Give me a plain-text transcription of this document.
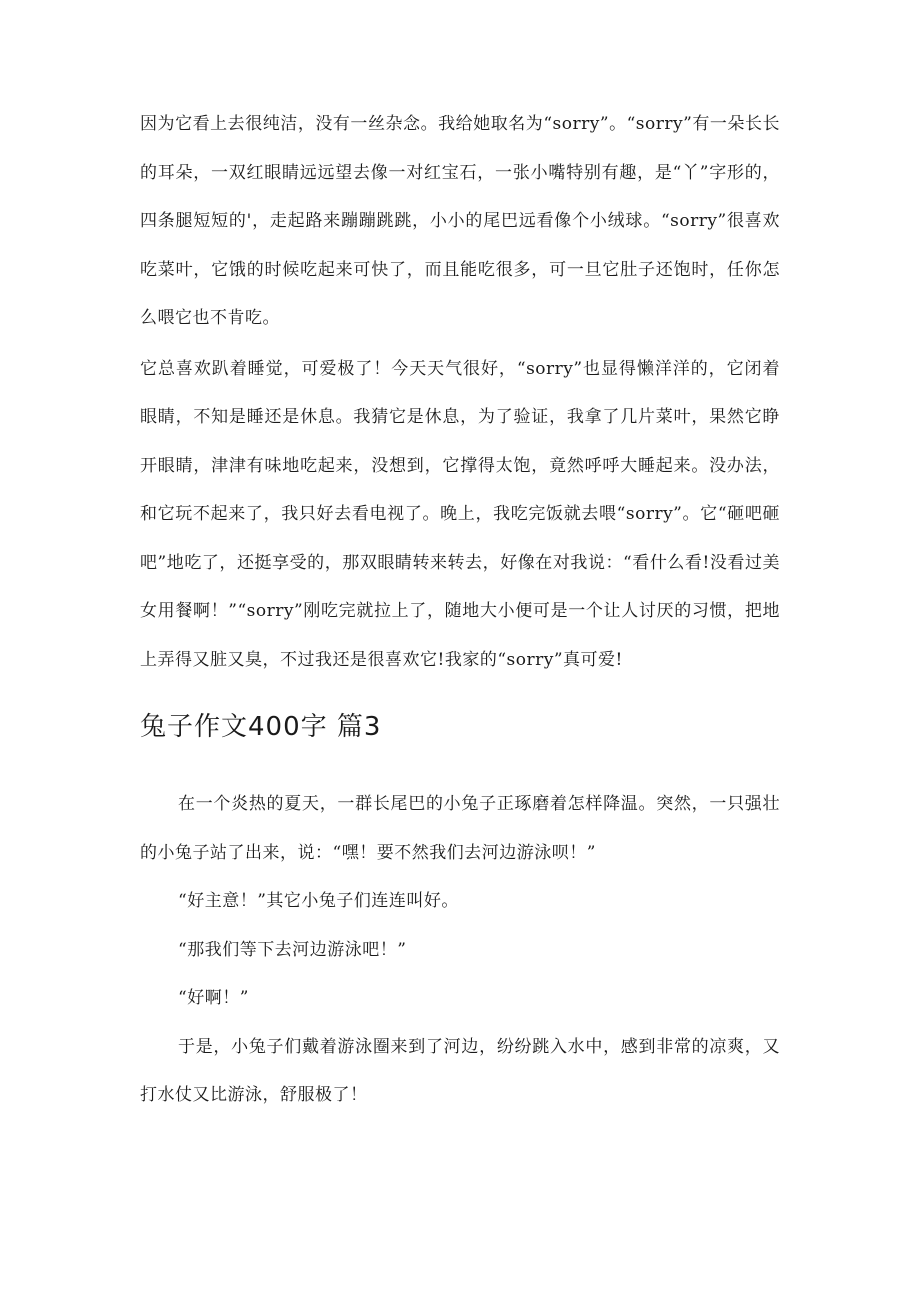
因为它看上去很纯洁，没有一丝杂念。我给她取名为“sorry”。“sorry”有一朵长长的耳朵，一双红眼睛远远望去像一对红宝石，一张小嘴特别有趣，是“丫”字形的，四条腿短短的'，走起路来蹦蹦跳跳，小小的尾巴远看像个小绒球。“sorry”很喜欢吃菜叶，它饿的时候吃起来可快了，而且能吃很多，可一旦它肚子还饱时，任你怎么喂它也不肯吃。

它总喜欢趴着睡觉，可爱极了！今天天气很好，“sorry”也显得懒洋洋的，它闭着眼睛，不知是睡还是休息。我猜它是休息，为了验证，我拿了几片菜叶，果然它睁开眼睛，津津有味地吃起来，没想到，它撑得太饱，竟然呼呼大睡起来。没办法，和它玩不起来了，我只好去看电视了。晚上，我吃完饭就去喂“sorry”。它“砸吧砸吧”地吃了，还挺享受的，那双眼睛转来转去，好像在对我说：“看什么看!没看过美女用餐啊！”“sorry”刚吃完就拉上了，随地大小便可是一个让人讨厌的习惯，把地上弄得又脏又臭，不过我还是很喜欢它!我家的“sorry”真可爱!

兔子作文400字 篇3

在一个炎热的夏天，一群长尾巴的小兔子正琢磨着怎样降温。突然，一只强壮的小兔子站了出来，说：“嘿！要不然我们去河边游泳呗！”

“好主意！”其它小兔子们连连叫好。

“那我们等下去河边游泳吧！”

“好啊！”

于是，小兔子们戴着游泳圈来到了河边，纷纷跳入水中，感到非常的凉爽，又打水仗又比游泳，舒服极了！
